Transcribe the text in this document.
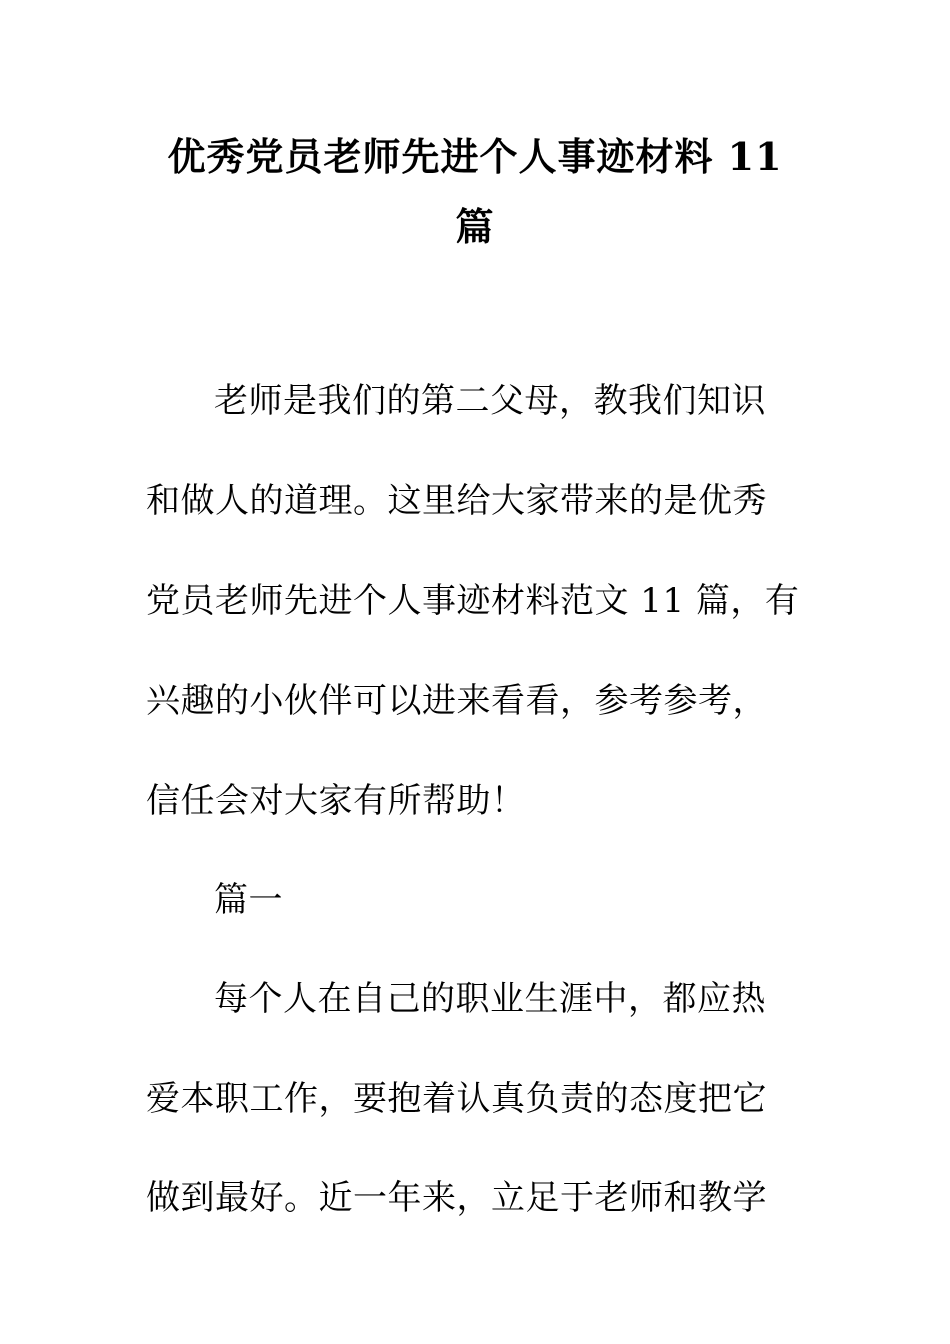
优秀党员老师先进个人事迹材料 11
篇

老师是我们的第二父母，教我们知识

和做人的道理。这里给大家带来的是优秀

党员老师先进个人事迹材料范文 11 篇，有

兴趣的小伙伴可以进来看看，参考参考，

信任会对大家有所帮助！

篇一

每个人在自己的职业生涯中，都应热

爱本职工作，要抱着认真负责的态度把它

做到最好。近一年来，立足于老师和教学
